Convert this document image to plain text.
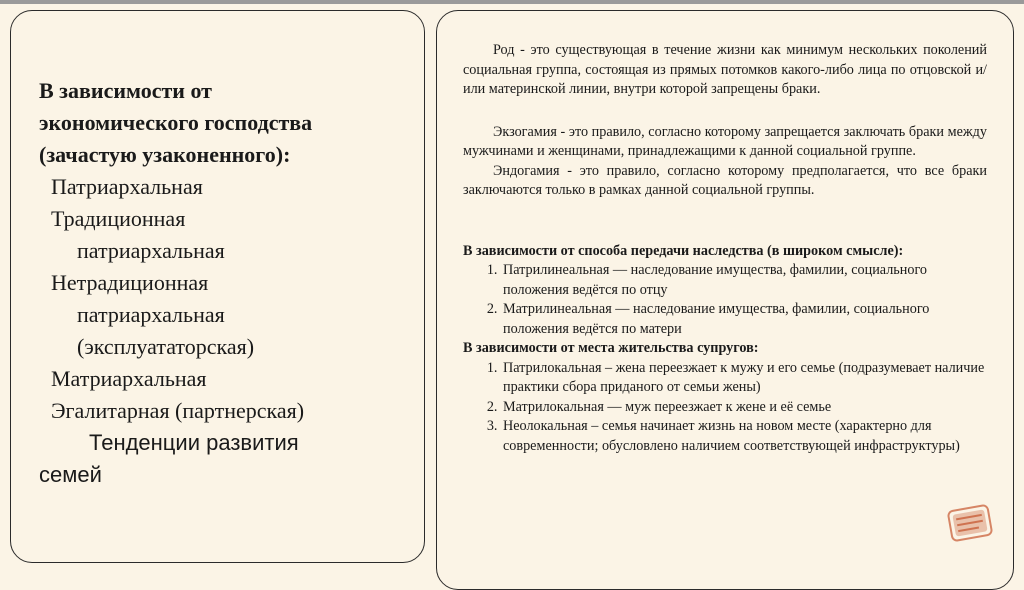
В зависимости от
экономического господства
(зачастую узаконенного):
Патриархальная
Традиционная
патриархальная
Нетрадиционная
патриархальная
(эксплуататорская)
Матриархальная
Эгалитарная (партнерская)
Тенденции развития
семей

Род - это существующая в течение жизни как минимум нескольких поколений социальная группа, состоящая из прямых потомков какого-либо лица по отцовской и/или материнской линии, внутри которой запрещены браки.

Экзогамия - это правило, согласно которому запрещается заключать браки между мужчинами и женщинами, принадлежащими к данной социальной группе.

Эндогамия - это правило, согласно которому предполагается, что все браки заключаются только в рамках данной социальной группы.

В зависимости от способа передачи наследства (в широком смысле):

1. Патрилинеальная — наследование имущества, фамилии, социального положения ведётся по отцу
2. Матрилинеальная — наследование имущества, фамилии, социального положения ведётся по матери

В зависимости от места жительства супругов:

1. Патрилокальная – жена переезжает к мужу и его семье (подразумевает наличие практики сбора приданого от семьи жены)
2. Матрилокальная — муж переезжает к жене и её семье
3. Неолокальная – семья начинает жизнь на новом месте (характерно для современности; обусловлено наличием соответствующей инфраструктуры)
